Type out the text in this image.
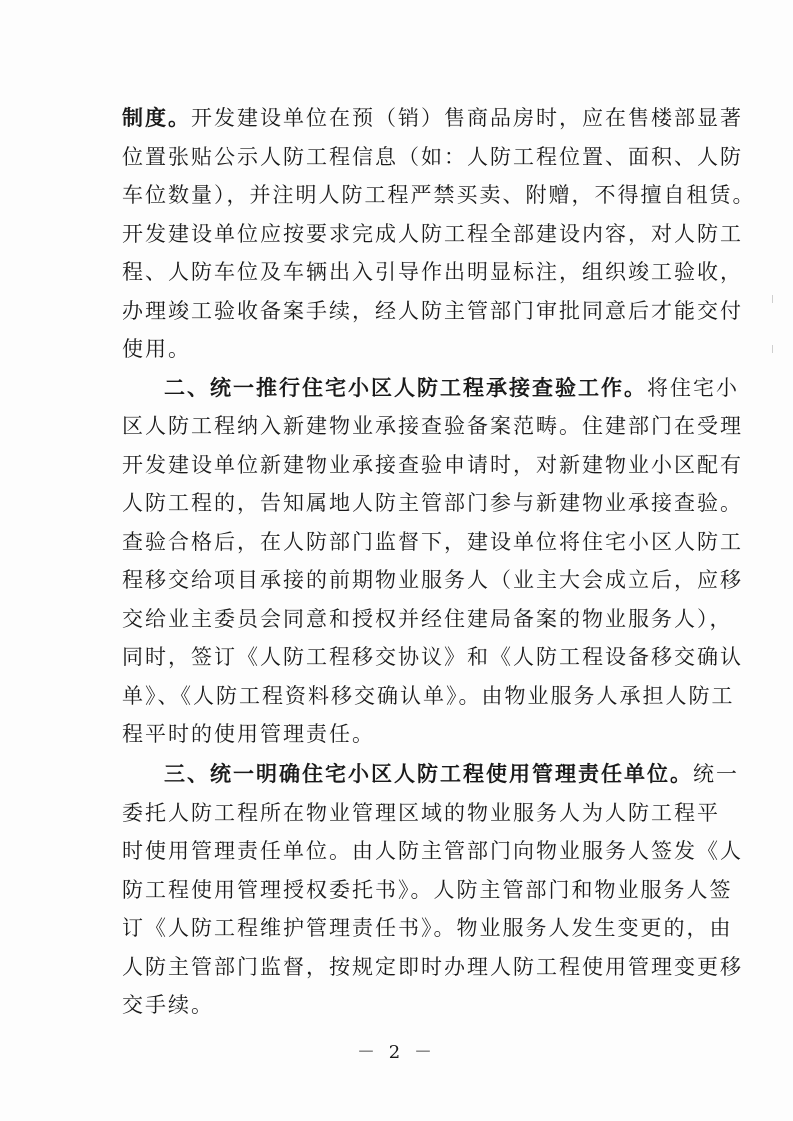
制度。开发建设单位在预（销）售商品房时，应在售楼部显著
位置张贴公示人防工程信息（如：人防工程位置、面积、人防
车位数量），并注明人防工程严禁买卖、附赠，不得擅自租赁。
开发建设单位应按要求完成人防工程全部建设内容，对人防工
程、人防车位及车辆出入引导作出明显标注，组织竣工验收，
办理竣工验收备案手续，经人防主管部门审批同意后才能交付
使用。
二、统一推行住宅小区人防工程承接查验工作。将住宅小
区人防工程纳入新建物业承接查验备案范畴。住建部门在受理
开发建设单位新建物业承接查验申请时，对新建物业小区配有
人防工程的，告知属地人防主管部门参与新建物业承接查验。
查验合格后，在人防部门监督下，建设单位将住宅小区人防工
程移交给项目承接的前期物业服务人（业主大会成立后，应移
交给业主委员会同意和授权并经住建局备案的物业服务人），
同时，签订《人防工程移交协议》和《人防工程设备移交确认
单》、《人防工程资料移交确认单》。由物业服务人承担人防工
程平时的使用管理责任。
三、统一明确住宅小区人防工程使用管理责任单位。统一
委托人防工程所在物业管理区域的物业服务人为人防工程平
时使用管理责任单位。由人防主管部门向物业服务人签发《人
防工程使用管理授权委托书》。人防主管部门和物业服务人签
订《人防工程维护管理责任书》。物业服务人发生变更的，由
人防主管部门监督，按规定即时办理人防工程使用管理变更移
交手续。
－ 2 －
